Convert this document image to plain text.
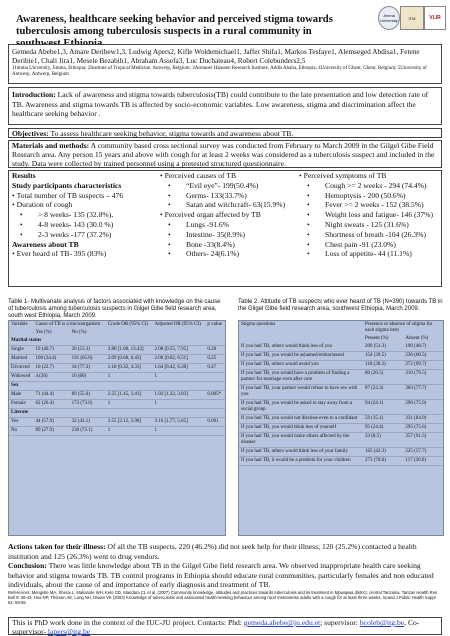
Awareness, healthcare seeking behavior and perceived stigma towards tuberculosis among tuberculosis suspects in a rural community in
Jimma University	ITM	VLIR
Gemeda Abebe1,3, Amare Deribew1,3, Ludwig Apers2, Kifle Woldemichael1, Jaffer Shifa1, Markos Tesfaye1, Alemseged Abdisa1, Fetene Deribie1, Chali Jira1, Mesele Bezabih1, Abraham Assefa3, Luc Duchateau4, Robert Colebunders2,5
1Jimma University, Jimma, Ethiopia; 2Institute of Tropical Medicine, Antwerp, Belgium; 3Armauer Hanssen Research Institute, Addis Ababa, Ethiopia; 4University of Ghent, Ghent, Belgium; 5University of Antwerp, Antwerp, Belgium
Introduction: Lack of awareness and stigma towards tuberculosis(TB) could contribute to the late presentation and low detection rate of TB. Awareness and stigma towards TB is affected by socio-economic variables. Low awareness, stigma and discrimination affect the healthcare seeking behavior .
Objectives: To assess healthcare seeking behavior, stigma towards and awareness about TB.
Materials and methods: A community based cross sectional survey was conducted from February to March 2009 in the Gilgel Gibe Field Research area. Any person 15 years and above with cough for at least 2 weeks was considered as a tuberculosis suspect and included in the study. Data were collected by trained personnel using a pretested structured questionnaire.
Results
Study participants characteristics
• Total number of TB suspects – 476
• Duration of cough
• > 8 weeks- 135 (32.8%),
• 4-8 weeks- 143 (30.0 %)
• 2-3 weeks -177 (37.2%)
Awareness about TB
• Ever heard of TB- 395 (83%)
• Perceived causes of TB
• “Evil eye”- 199(50.4%)
• Germs- 133(33.7%)
• Satan and witchcraft- 63(15.9%)
• Perceived organ affected by TB
• Lungs -91.6%
• Intestine- 35(8.9%)
• Bone -33(8.4%)
• Others- 24(6.1%)
• Perceived symptoms of TB
• Cough >= 2 weeks - 294 (74.4%)
• Hemoptysis - 200 (50.6%)
• Fever >= 2 weeks - 152 (38.5%)
• Weight loss and fatigue- 146 (37%)
• Night sweats - 125 (31.6%)
• Shortness of breath -104 (26.3%)
• Chest pain -91 (23.0%)
• Loss of appetite- 44 (11.1%)
Table 1- Multivariate analysis of factors associated with knowledge on the cause of tuberculosis among tuberculosis suspects in Gilgel Gibe field research area, south west Ethiopia, March 2009.
Table 2. Attitude of TB suspects who ever heard of TB (N=390) towards TB in the Gilgel Gibe field research area, southwest Ethiopia, March 2009.
Variable	Cause of TB is a microorganism		Crude OR (95% CI)	Adjusted OR (95% CI)	p value
	Yes (%)	No (%)			
Marital status					
Single	19 (46.7)	20 (53.3)	3.80 [1.08, 13.43]	2.08 [0.55, 7.95]	0.28
Married	100 (34.4)	191 (65.6)	2.09 [0.68, 6.43]	2.00 [0.62, 6.51]	0.25
Divorced	10 (22.7)	34 (77.3)	1.18 [0.32, 4.33]	1.64 [0.42, 6.38]	0.47
Widowed	4 (20)	16 (80)	1	1	
Sex					
Male	71 (44.4)	89 (55.6)	2.25 [1.45, 3.41]	1.92 [1.22, 3.03]	0.005*
Female	62 (26.4)	173 (73.6)	1	1	
Literate					
Yes	44 (57.9)	32 (42.1)	3.55 [2.12, 5.96]	3.16 [1.77, 5.65]	0.001
No	89 (27.9)	230 (72.1)	1	1	
Stigma questions	Presence or absence of stigma for each stigma item	
	Present (%)	Absent (%)
If you had TB, others would think less of you	200 (51.3)	190 (48.7)
If you had TB, you would be ashamed/embarrassed	154 (39.5)	236 (60.5)
If you had TB, others would avoid you	118 (30.3)	272 (69.7)
If you had TB, you would have a problem of finding a partner for marriage even after cure	80 (20.5)	310 (79.5)
If you had TB, your partner would refuse to have sex with you	87 (22.3)	303 (77.7)
If you had TB, you would be asked to stay away from a social group	94 (24.1)	296 (75.9)
If you had TB, you would not disclose even to a confidant	59 (15.1)	331 (84.9)
If you had TB, you would think less of yourself	95 (24.4)	295 (75.6)
If you had TB, you would make others affected by the disease	33 (8.5)	357 (91.5)
If you had TB, others would think less of your family	165 (42.3)	225 (57.7)
If you had TB, it would be a problem for your children	273 (70.0)	117 (30.0)
Actions taken for their illness: Of all the TB suspects, 220 (46.2%) did not seek help for their illness; 120 (25.2%) contacted a health institution and 125 (26.3%) went to drug vendors.
Conclusion: There was little knowledge about TB in the Gilgel Gibe field research area. We observed inappropriate health care seeking behavior and stigma towards TB. TB control programs in Ethiopia should educate rural communities, particularly females and non educated individuals, about the cause of and importance of early diagnosis and treatment of TB.
References: Mengiste MA, Sherai L, Makanole WH, Kelo GD, Mandara CL et al. (2007) Community knowledge, attitudes and practices towards tuberculosis and its treatment in Mpwapwa district, central Tanzania. Tanzan Health Res Bull 9: 38-43. Hoa NP, Thorson AE, Long NH, Diwan VK (2003) Knowledge of tuberculosis and associated health-seeking behaviour among rural Vietnamese adults with a cough for at least three weeks. Scand J Public Health Suppl 62: 59-65.
This is PhD work done in the context of the IUC-JU project. Contacts: Phd: gemeda.abebe@ju.edu.et; supervisor: bcoleb@itg.be, Co-supervisor- lapers@itg.be
